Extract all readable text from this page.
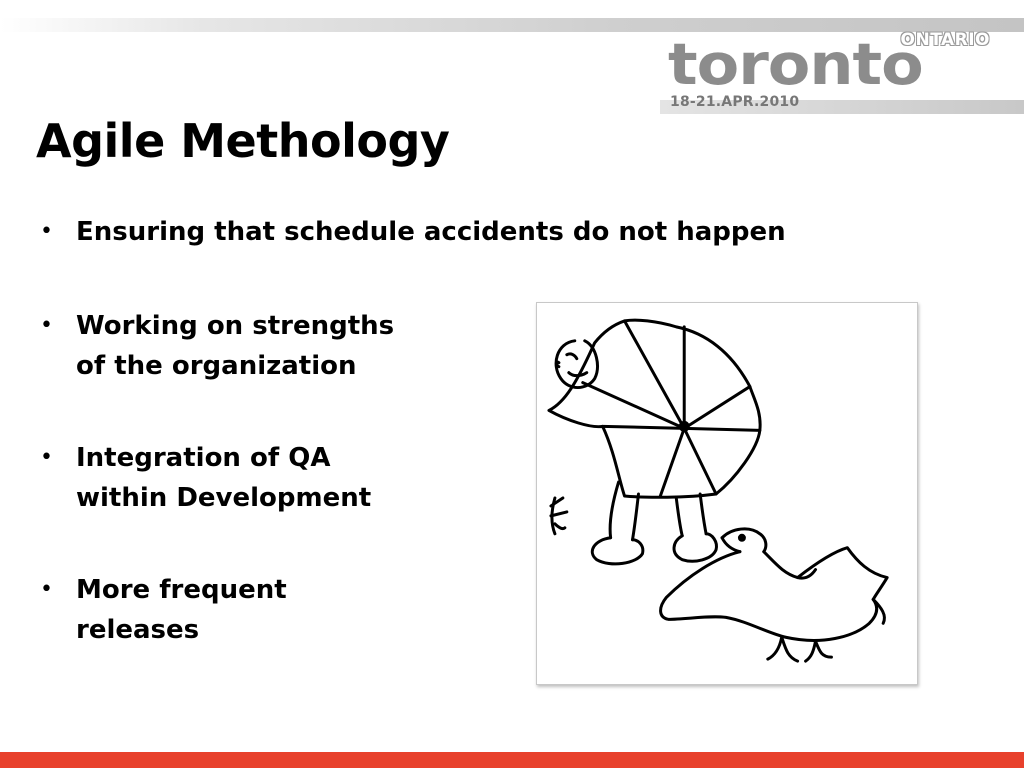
ONTARIO
toronto
18-21.APR.2010
Agile Methology
• Ensuring that schedule accidents do not happen
• Working on strengths
of the organization
• Integration of QA
within Development
• More frequent
releases
